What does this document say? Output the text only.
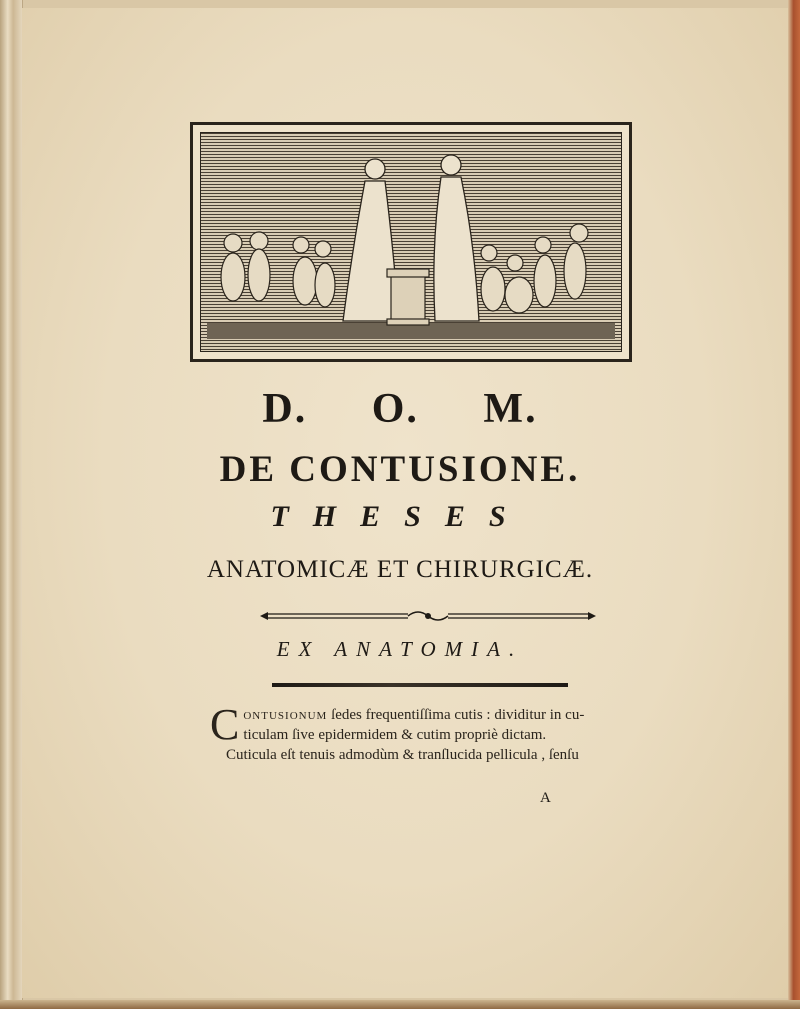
D. O. M.
DE CONTUSIONE.
THESES
ANATOMICÆ ET CHIRURGICÆ.
EX ANATOMIA.
Contusionum ſedes frequentiſſima cutis : dividitur in cu-
ticulam ſive epidermidem & cutim propriè dictam.

Cuticula eſt tenuis admodùm & tranſlucida pellicula , ſenſu
A
